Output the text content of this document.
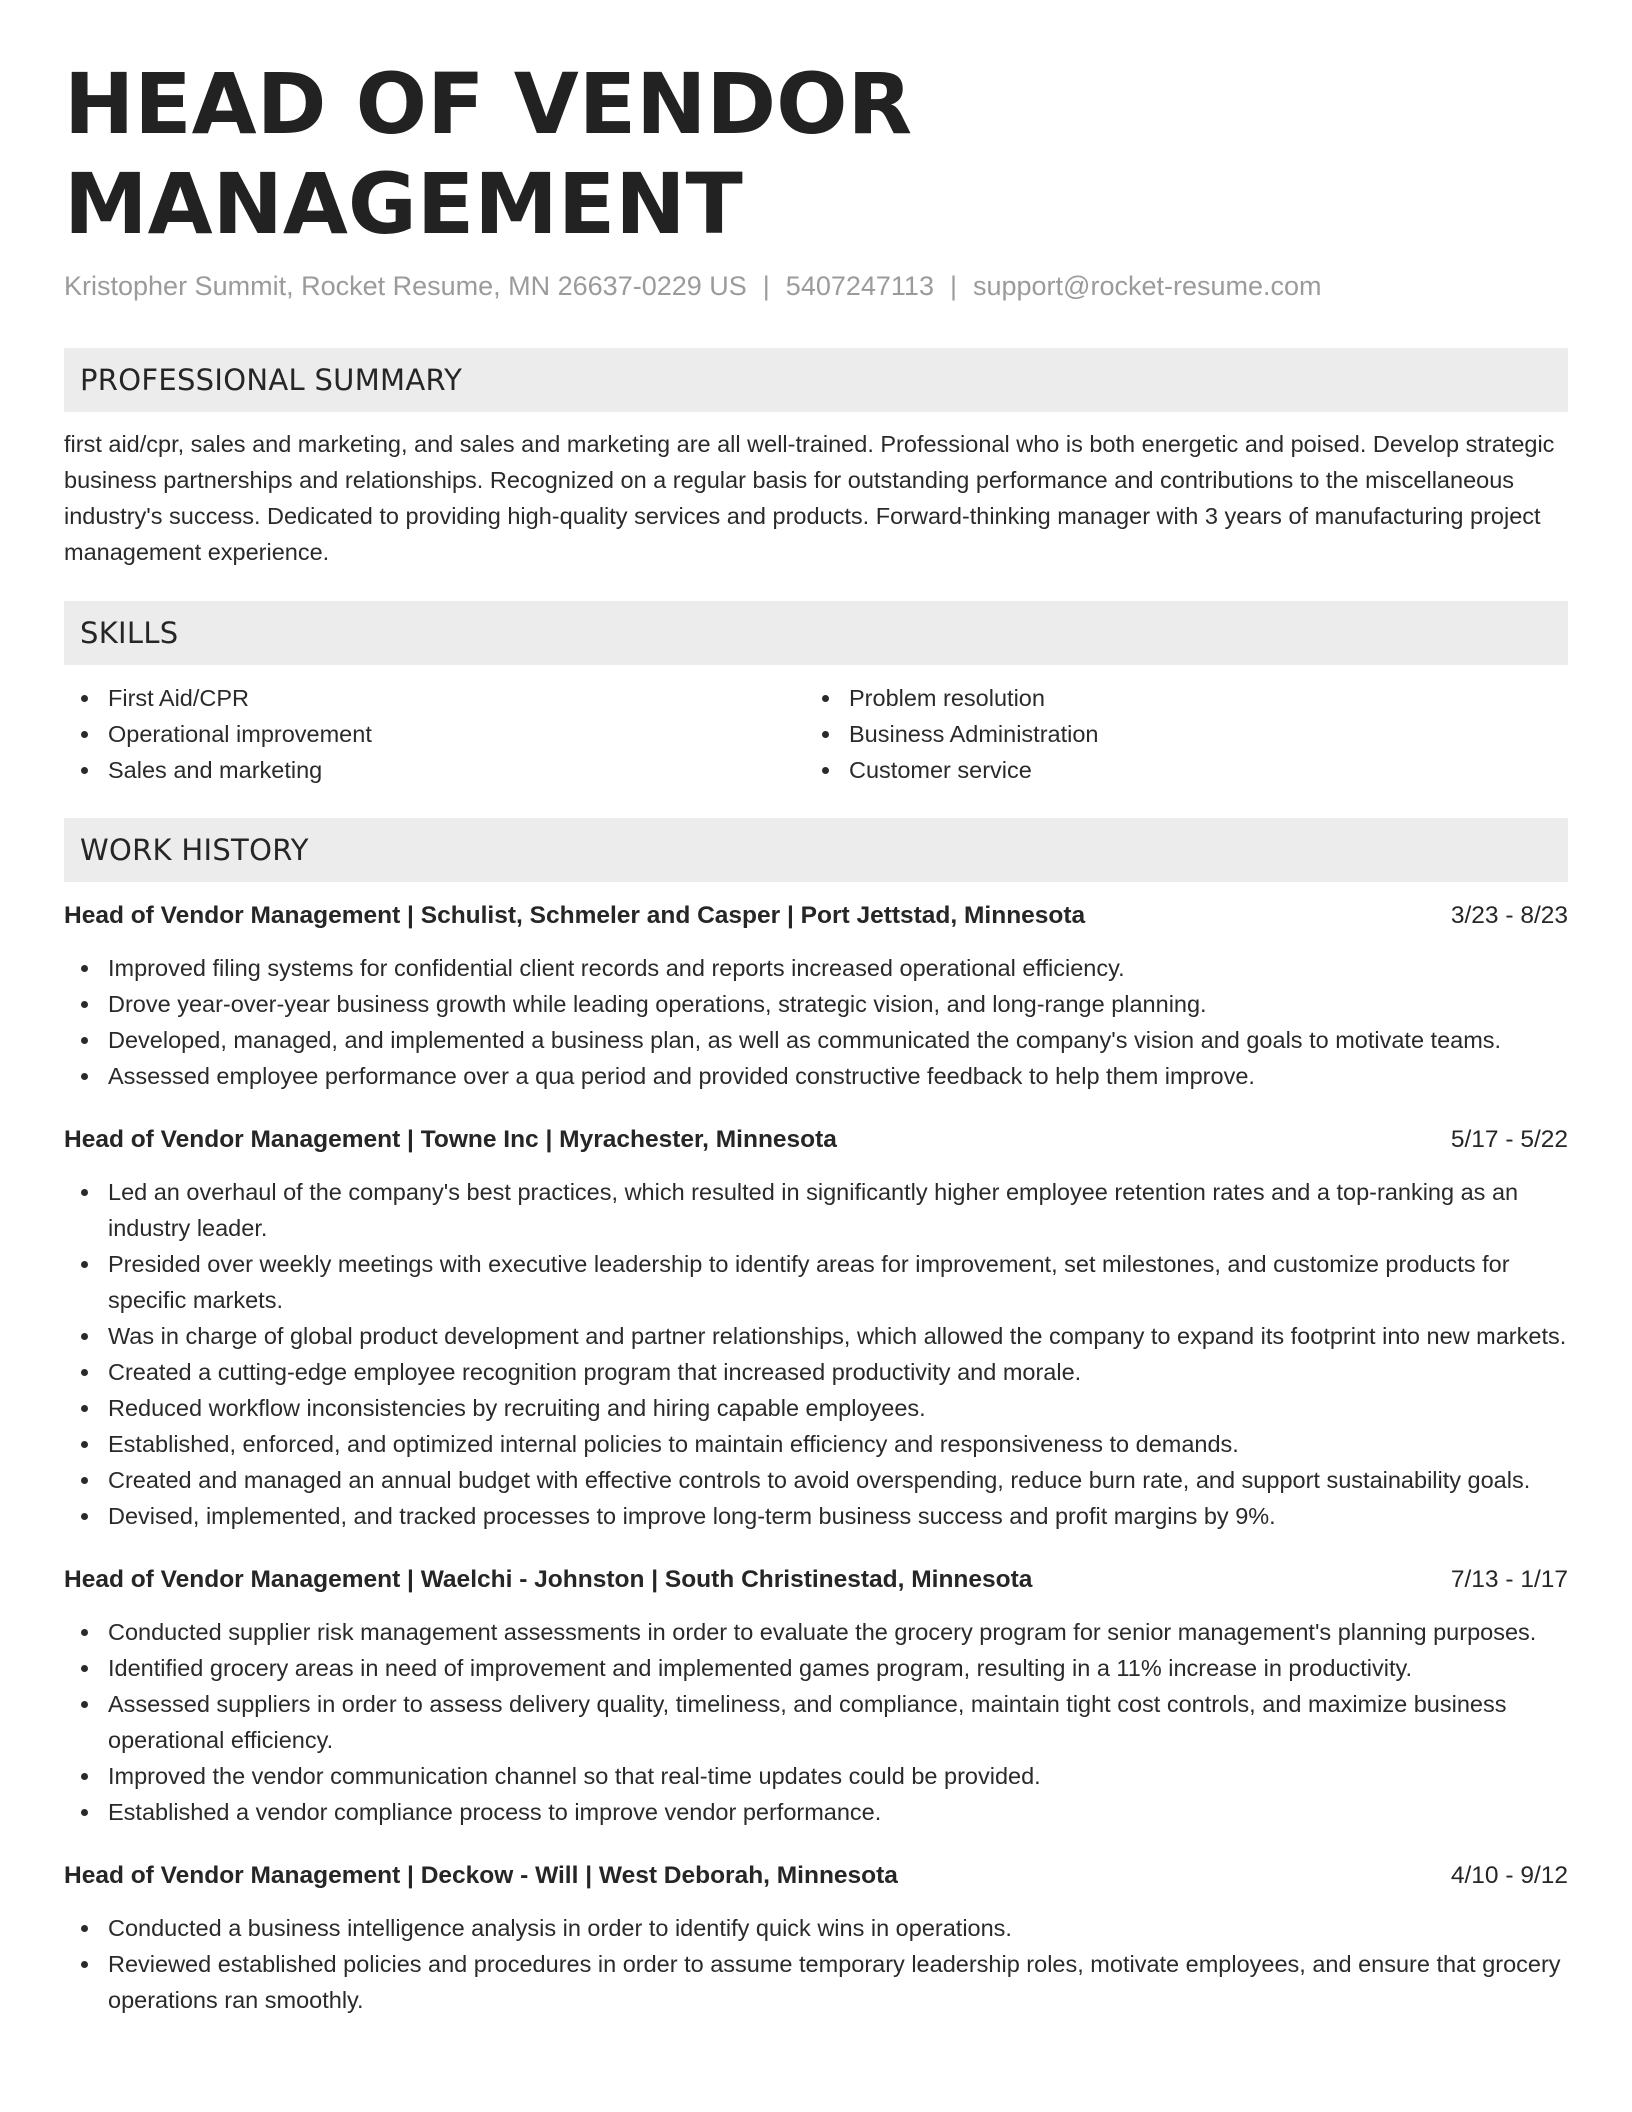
HEAD OF VENDOR MANAGEMENT
Kristopher Summit, Rocket Resume, MN 26637-0229 US | 5407247113 | support@rocket-resume.com
PROFESSIONAL SUMMARY
first aid/cpr, sales and marketing, and sales and marketing are all well-trained. Professional who is both energetic and poised. Develop strategic business partnerships and relationships. Recognized on a regular basis for outstanding performance and contributions to the miscellaneous industry's success. Dedicated to providing high-quality services and products. Forward-thinking manager with 3 years of manufacturing project management experience.
SKILLS
First Aid/CPR
Operational improvement
Sales and marketing
Problem resolution
Business Administration
Customer service
WORK HISTORY
Head of Vendor Management | Schulist, Schmeler and Casper | Port Jettstad, Minnesota	3/23 - 8/23
Improved filing systems for confidential client records and reports increased operational efficiency.
Drove year-over-year business growth while leading operations, strategic vision, and long-range planning.
Developed, managed, and implemented a business plan, as well as communicated the company's vision and goals to motivate teams.
Assessed employee performance over a qua period and provided constructive feedback to help them improve.
Head of Vendor Management | Towne Inc | Myrachester, Minnesota	5/17 - 5/22
Led an overhaul of the company's best practices, which resulted in significantly higher employee retention rates and a top-ranking as an industry leader.
Presided over weekly meetings with executive leadership to identify areas for improvement, set milestones, and customize products for specific markets.
Was in charge of global product development and partner relationships, which allowed the company to expand its footprint into new markets.
Created a cutting-edge employee recognition program that increased productivity and morale.
Reduced workflow inconsistencies by recruiting and hiring capable employees.
Established, enforced, and optimized internal policies to maintain efficiency and responsiveness to demands.
Created and managed an annual budget with effective controls to avoid overspending, reduce burn rate, and support sustainability goals.
Devised, implemented, and tracked processes to improve long-term business success and profit margins by 9%.
Head of Vendor Management | Waelchi - Johnston | South Christinestad, Minnesota	7/13 - 1/17
Conducted supplier risk management assessments in order to evaluate the grocery program for senior management's planning purposes.
Identified grocery areas in need of improvement and implemented games program, resulting in a 11% increase in productivity.
Assessed suppliers in order to assess delivery quality, timeliness, and compliance, maintain tight cost controls, and maximize business operational efficiency.
Improved the vendor communication channel so that real-time updates could be provided.
Established a vendor compliance process to improve vendor performance.
Head of Vendor Management | Deckow - Will | West Deborah, Minnesota	4/10 - 9/12
Conducted a business intelligence analysis in order to identify quick wins in operations.
Reviewed established policies and procedures in order to assume temporary leadership roles, motivate employees, and ensure that grocery operations ran smoothly.
